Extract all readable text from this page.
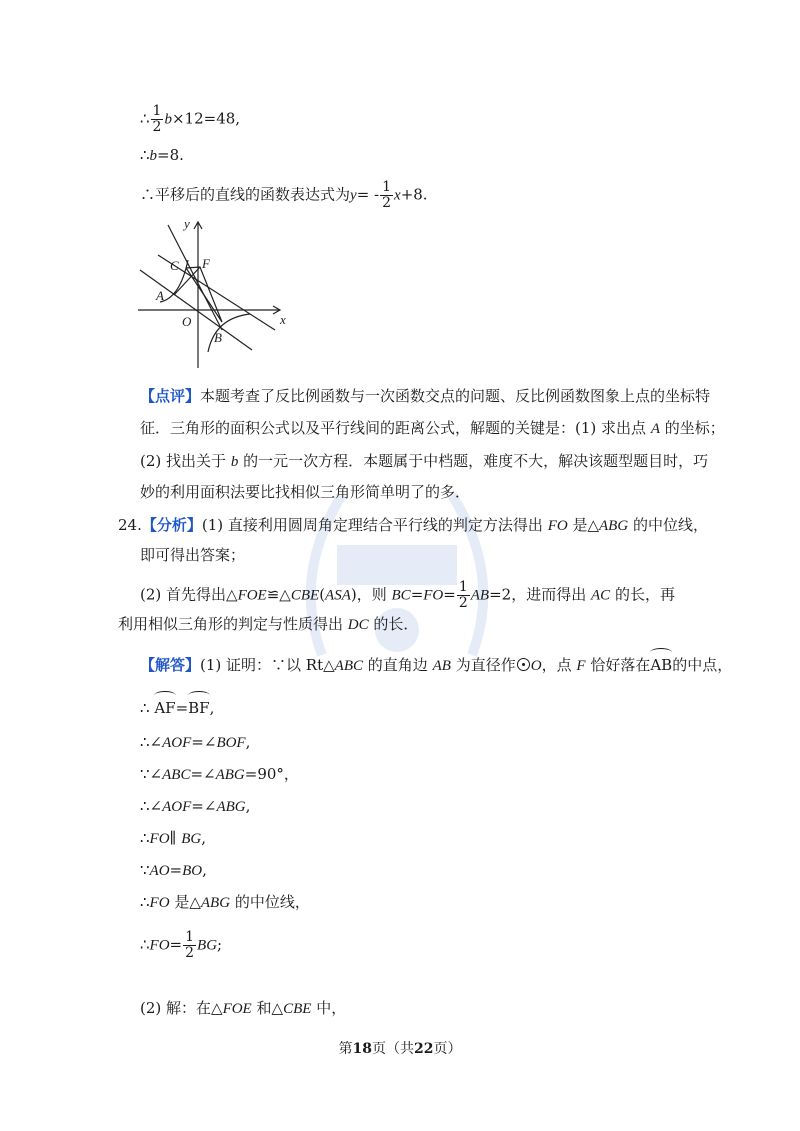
∴ $\frac{1}{2} b\times 12=48$,
∴b=8.
∴平移后的直线的函数表达式为$y= - \frac{1}{2} x+8$.
y
x
C F
A
O
B
【点评】本题考查了反比例函数与一次函数交点的问题、反比例函数图象上点的坐标特
征．三角形的面积公式以及平行线间的距离公式，解题的关键是：(1) 求出点 A 的坐标；
(2) 找出关于 b 的一元一次方程．本题属于中档题，难度不大，解决该题型题目时，巧
妙的利用面积法要比找相似三角形简单明了的多．
24.【分析】(1) 直接利用圆周角定理结合平行线的判定方法得出 FO 是△ABG 的中位线，
即可得出答案；
(2) 首先得出△FOE≌△CBE(ASA)，则 $BC=FO= \frac{1}{2} AB=2$，进而得出 AC 的长，再
利用相似三角形的判定与性质得出 DC 的长．
【解答】(1) 证明：∵以 Rt△ABC 的直角边 AB 为直径作 O，点 F 恰好落在AB的中点，
∴ AF=BF,
∴∠AOF=∠BOF,
∵∠ABC=∠ABG=90°，
∴∠AOF=∠ABG,
∴FO∥ BG,
∵AO=BO,
∴FO 是△ABG 的中位线，
∴FO= $\frac{1}{2}$ BG;
(2) 解：在△FOE 和△CBE 中，
第18页（共22页）
